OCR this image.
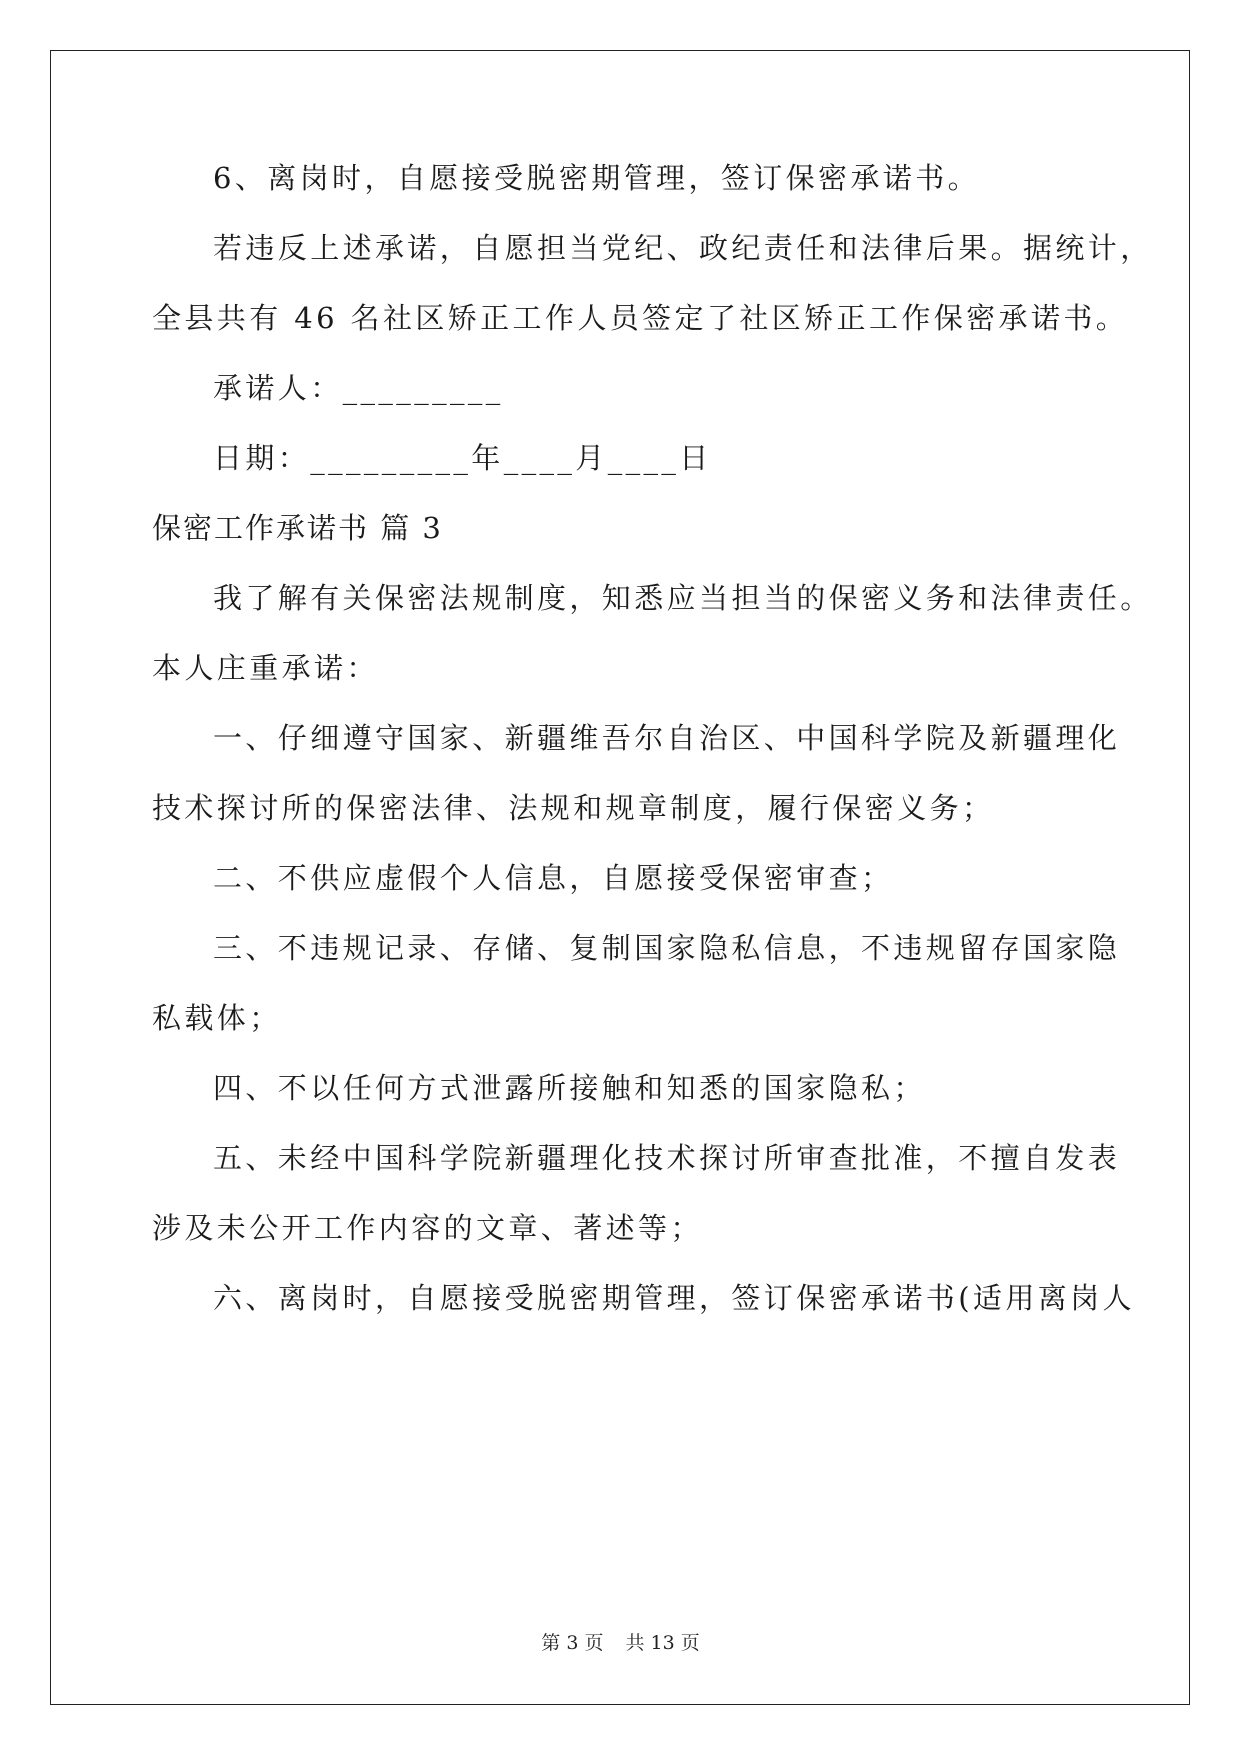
6、离岗时，自愿接受脱密期管理，签订保密承诺书。
若违反上述承诺，自愿担当党纪、政纪责任和法律后果。据统计，
全县共有 46 名社区矫正工作人员签定了社区矫正工作保密承诺书。
承诺人：_________
日期：_________年____月____日
保密工作承诺书 篇 3
我了解有关保密法规制度，知悉应当担当的保密义务和法律责任。
本人庄重承诺：
一、仔细遵守国家、新疆维吾尔自治区、中国科学院及新疆理化
技术探讨所的保密法律、法规和规章制度，履行保密义务；
二、不供应虚假个人信息，自愿接受保密审查；
三、不违规记录、存储、复制国家隐私信息，不违规留存国家隐
私载体；
四、不以任何方式泄露所接触和知悉的国家隐私；
五、未经中国科学院新疆理化技术探讨所审查批准，不擅自发表
涉及未公开工作内容的文章、著述等；
六、离岗时，自愿接受脱密期管理，签订保密承诺书(适用离岗人
第 3 页 共 13 页
